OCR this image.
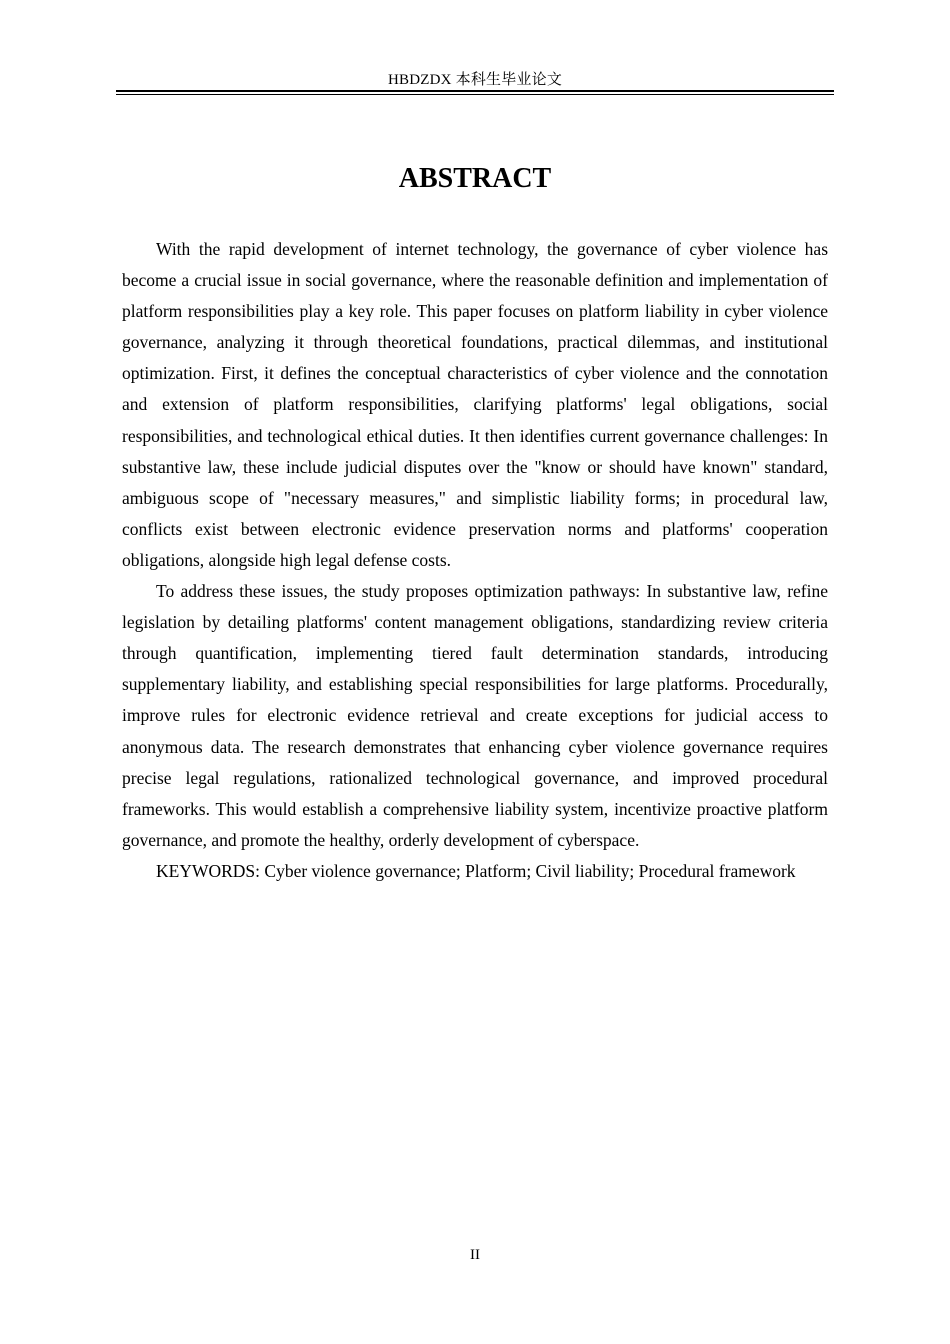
HBDZDX 本科生毕业论文
ABSTRACT

With the rapid development of internet technology, the governance of cyber violence has become a crucial issue in social governance, where the reasonable definition and implementation of platform responsibilities play a key role. This paper focuses on platform liability in cyber violence governance, analyzing it through theoretical foundations, practical dilemmas, and institutional optimization. First, it defines the conceptual characteristics of cyber violence and the connotation and extension of platform responsibilities, clarifying platforms' legal obligations, social responsibilities, and technological ethical duties. It then identifies current governance challenges: In substantive law, these include judicial disputes over the "know or should have known" standard, ambiguous scope of "necessary measures," and simplistic liability forms; in procedural law, conflicts exist between electronic evidence preservation norms and platforms' cooperation obligations, alongside high legal defense costs.

To address these issues, the study proposes optimization pathways: In substantive law, refine legislation by detailing platforms' content management obligations, standardizing review criteria through quantification, implementing tiered fault determination standards, introducing supplementary liability, and establishing special responsibilities for large platforms. Procedurally, improve rules for electronic evidence retrieval and create exceptions for judicial access to anonymous data. The research demonstrates that enhancing cyber violence governance requires precise legal regulations, rationalized technological governance, and improved procedural frameworks. This would establish a comprehensive liability system, incentivize proactive platform governance, and promote the healthy, orderly development of cyberspace.

KEYWORDS: Cyber violence governance; Platform; Civil liability; Procedural framework

II
